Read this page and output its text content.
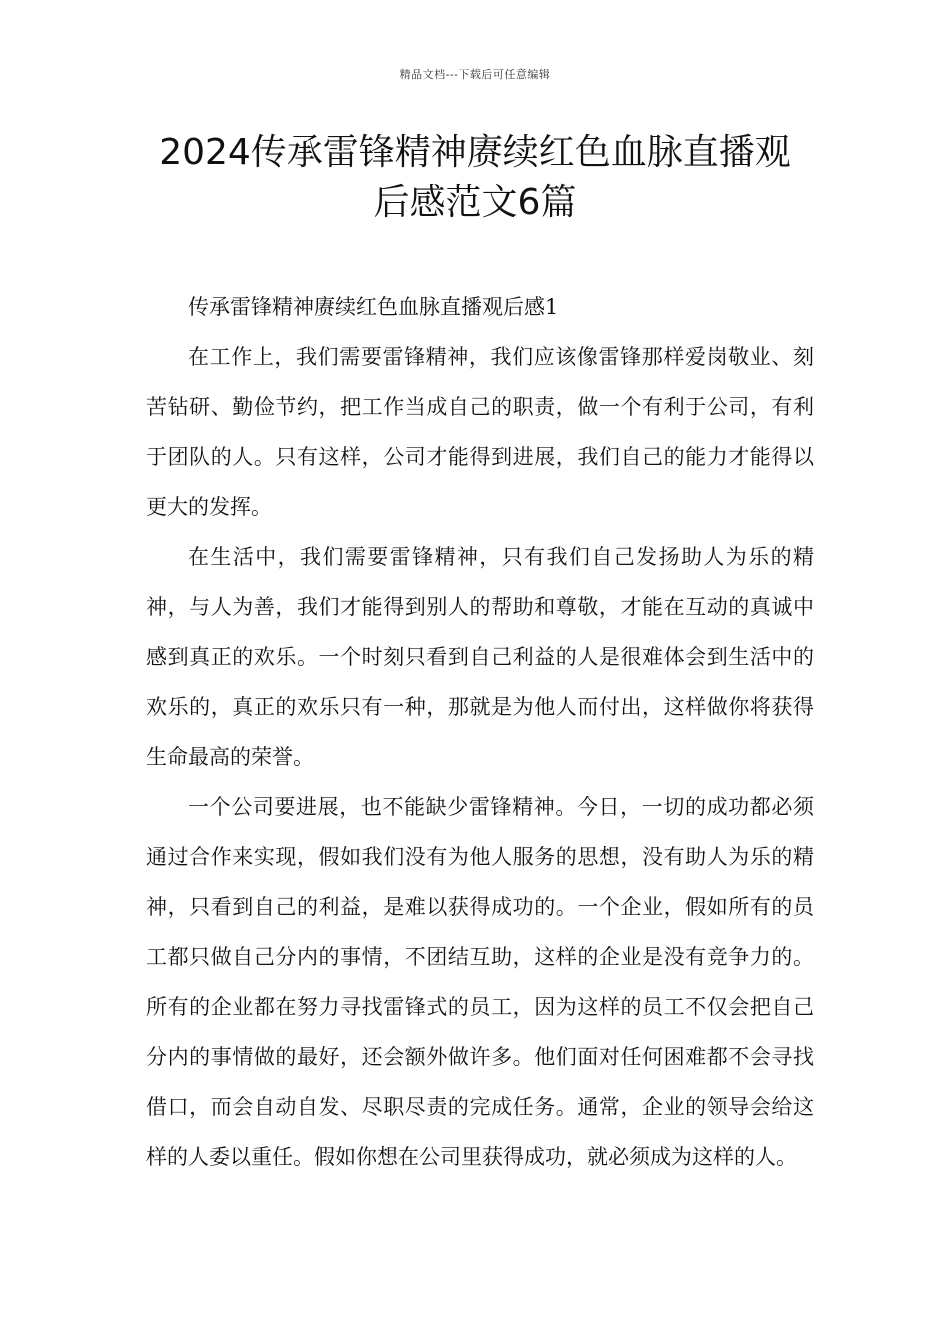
精品文档---下载后可任意编辑
2024传承雷锋精神赓续红色血脉直播观
后感范文6篇

传承雷锋精神赓续红色血脉直播观后感1

在工作上，我们需要雷锋精神，我们应该像雷锋那样爱岗敬业、刻苦钻研、勤俭节约，把工作当成自己的职责，做一个有利于公司，有利于团队的人。只有这样，公司才能得到进展，我们自己的能力才能得以更大的发挥。

在生活中，我们需要雷锋精神，只有我们自己发扬助人为乐的精神，与人为善，我们才能得到别人的帮助和尊敬，才能在互动的真诚中感到真正的欢乐。一个时刻只看到自己利益的人是很难体会到生活中的欢乐的，真正的欢乐只有一种，那就是为他人而付出，这样做你将获得生命最高的荣誉。

一个公司要进展，也不能缺少雷锋精神。今日，一切的成功都必须通过合作来实现，假如我们没有为他人服务的思想，没有助人为乐的精神，只看到自己的利益，是难以获得成功的。一个企业，假如所有的员工都只做自己分内的事情，不团结互助，这样的企业是没有竞争力的。所有的企业都在努力寻找雷锋式的员工，因为这样的员工不仅会把自己分内的事情做的最好，还会额外做许多。他们面对任何困难都不会寻找借口，而会自动自发、尽职尽责的完成任务。通常，企业的领导会给这样的人委以重任。假如你想在公司里获得成功，就必须成为这样的人。
